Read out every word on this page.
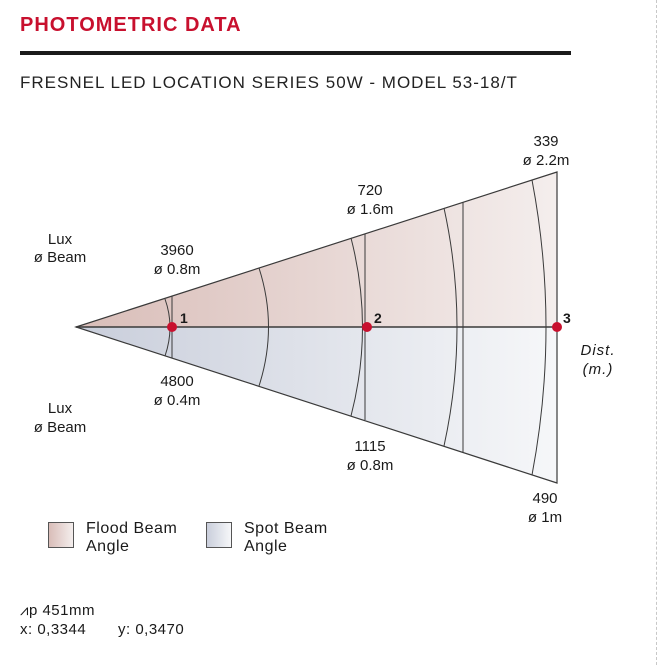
PHOTOMETRIC DATA
FRESNEL LED LOCATION SERIES 50W - MODEL 53-18/T
1	2	3
Lux
ø Beam
Lux
ø Beam
3960
ø 0.8m
720
ø 1.6m
339
ø 2.2m
4800
ø 0.4m
1115
ø 0.8m
490
ø 1m
Dist.
(m.)
Flood Beam
Angle
Spot Beam
Angle
⩘p 451mm
x: 0,3344 y: 0,3470
